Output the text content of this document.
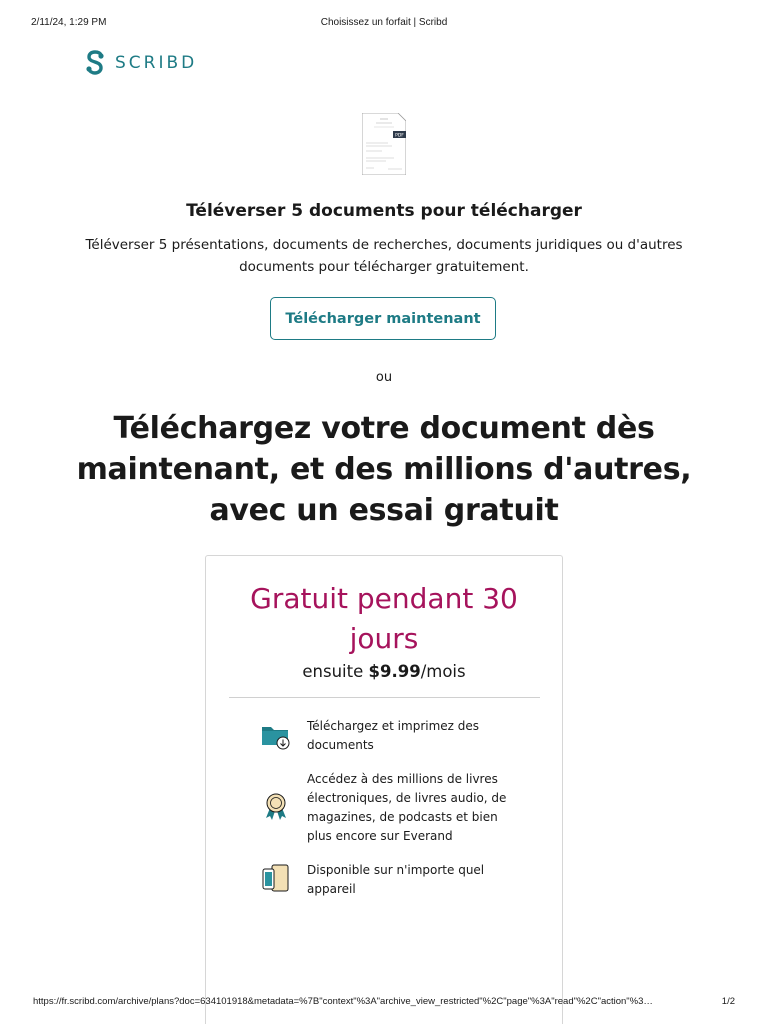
2/11/24, 1:29 PM	Choisissez un forfait | Scribd
SCRIBD
PDF
Téléverser 5 documents pour télécharger
Téléverser 5 présentations, documents de recherches, documents juridiques ou d'autres documents pour télécharger gratuitement.
Télécharger maintenant
ou
Téléchargez votre document dès maintenant, et des millions d'autres, avec un essai gratuit
Gratuit pendant 30 jours
ensuite $9.99/mois
Téléchargez et imprimez des documents
Accédez à des millions de livres électroniques, de livres audio, de magazines, de podcasts et bien plus encore sur Everand
Disponible sur n'importe quel appareil
https://fr.scribd.com/archive/plans?doc=634101918&metadata=%7B"context"%3A"archive_view_restricted"%2C"page"%3A"read"%2C"action"%3…	1/2
